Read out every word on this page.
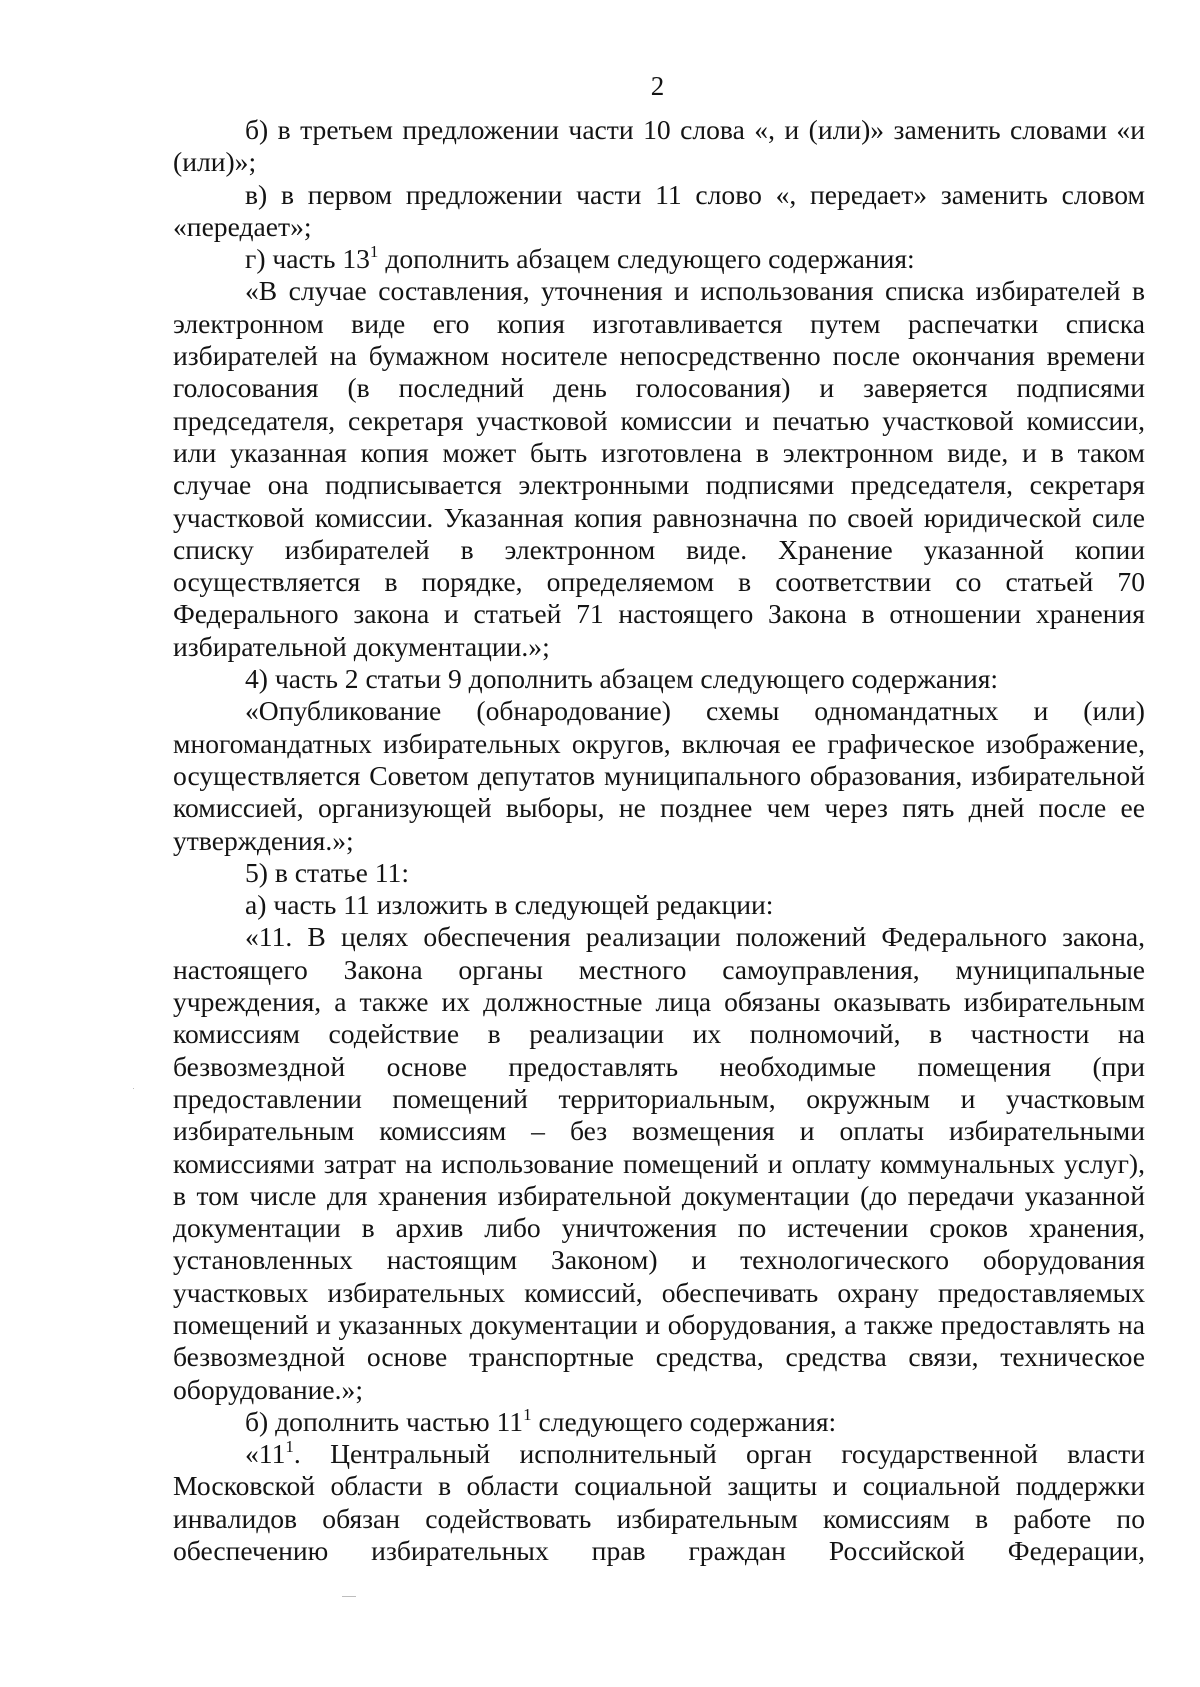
2

б) в третьем предложении части 10 слова «, и (или)» заменить словами «и (или)»;

в) в первом предложении части 11 слово «, передает» заменить словом «передает»;

г) часть $13^1$ дополнить абзацем следующего содержания:

«В случае составления, уточнения и использования списка избирателей в электронном виде его копия изготавливается путем распечатки списка избирателей на бумажном носителе непосредственно после окончания времени голосования (в последний день голосования) и заверяется подписями председателя, секретаря участковой комиссии и печатью участковой комиссии, или указанная копия может быть изготовлена в электронном виде, и в таком случае она подписывается электронными подписями председателя, секретаря участковой комиссии. Указанная копия равнозначна по своей юридической силе списку избирателей в электронном виде. Хранение указанной копии осуществляется в порядке, определяемом в соответствии со статьей 70 Федерального закона и статьей 71 настоящего Закона в отношении хранения избирательной документации.»;

4) часть 2 статьи 9 дополнить абзацем следующего содержания:

«Опубликование (обнародование) схемы одномандатных и (или) многомандатных избирательных округов, включая ее графическое изображение, осуществляется Советом депутатов муниципального образования, избирательной комиссией, организующей выборы, не позднее чем через пять дней после ее утверждения.»;

5) в статье 11:

а) часть 11 изложить в следующей редакции:

«11. В целях обеспечения реализации положений Федерального закона, настоящего Закона органы местного самоуправления, муниципальные учреждения, а также их должностные лица обязаны оказывать избирательным комиссиям содействие в реализации их полномочий, в частности на безвозмездной основе предоставлять необходимые помещения (при предоставлении помещений территориальным, окружным и участковым избирательным комиссиям – без возмещения и оплаты избирательными комиссиями затрат на использование помещений и оплату коммунальных услуг), в том числе для хранения избирательной документации (до передачи указанной документации в архив либо уничтожения по истечении сроков хранения, установленных настоящим Законом) и технологического оборудования участковых избирательных комиссий, обеспечивать охрану предоставляемых помещений и указанных документации и оборудования, а также предоставлять на безвозмездной основе транспортные средства, средства связи, техническое оборудование.»;

б) дополнить частью $11^1$ следующего содержания:

«$11^1$. Центральный исполнительный орган государственной власти Московской области в области социальной защиты и социальной поддержки инвалидов обязан содействовать избирательным комиссиям в работе по обеспечению избирательных прав граждан Российской Федерации,
